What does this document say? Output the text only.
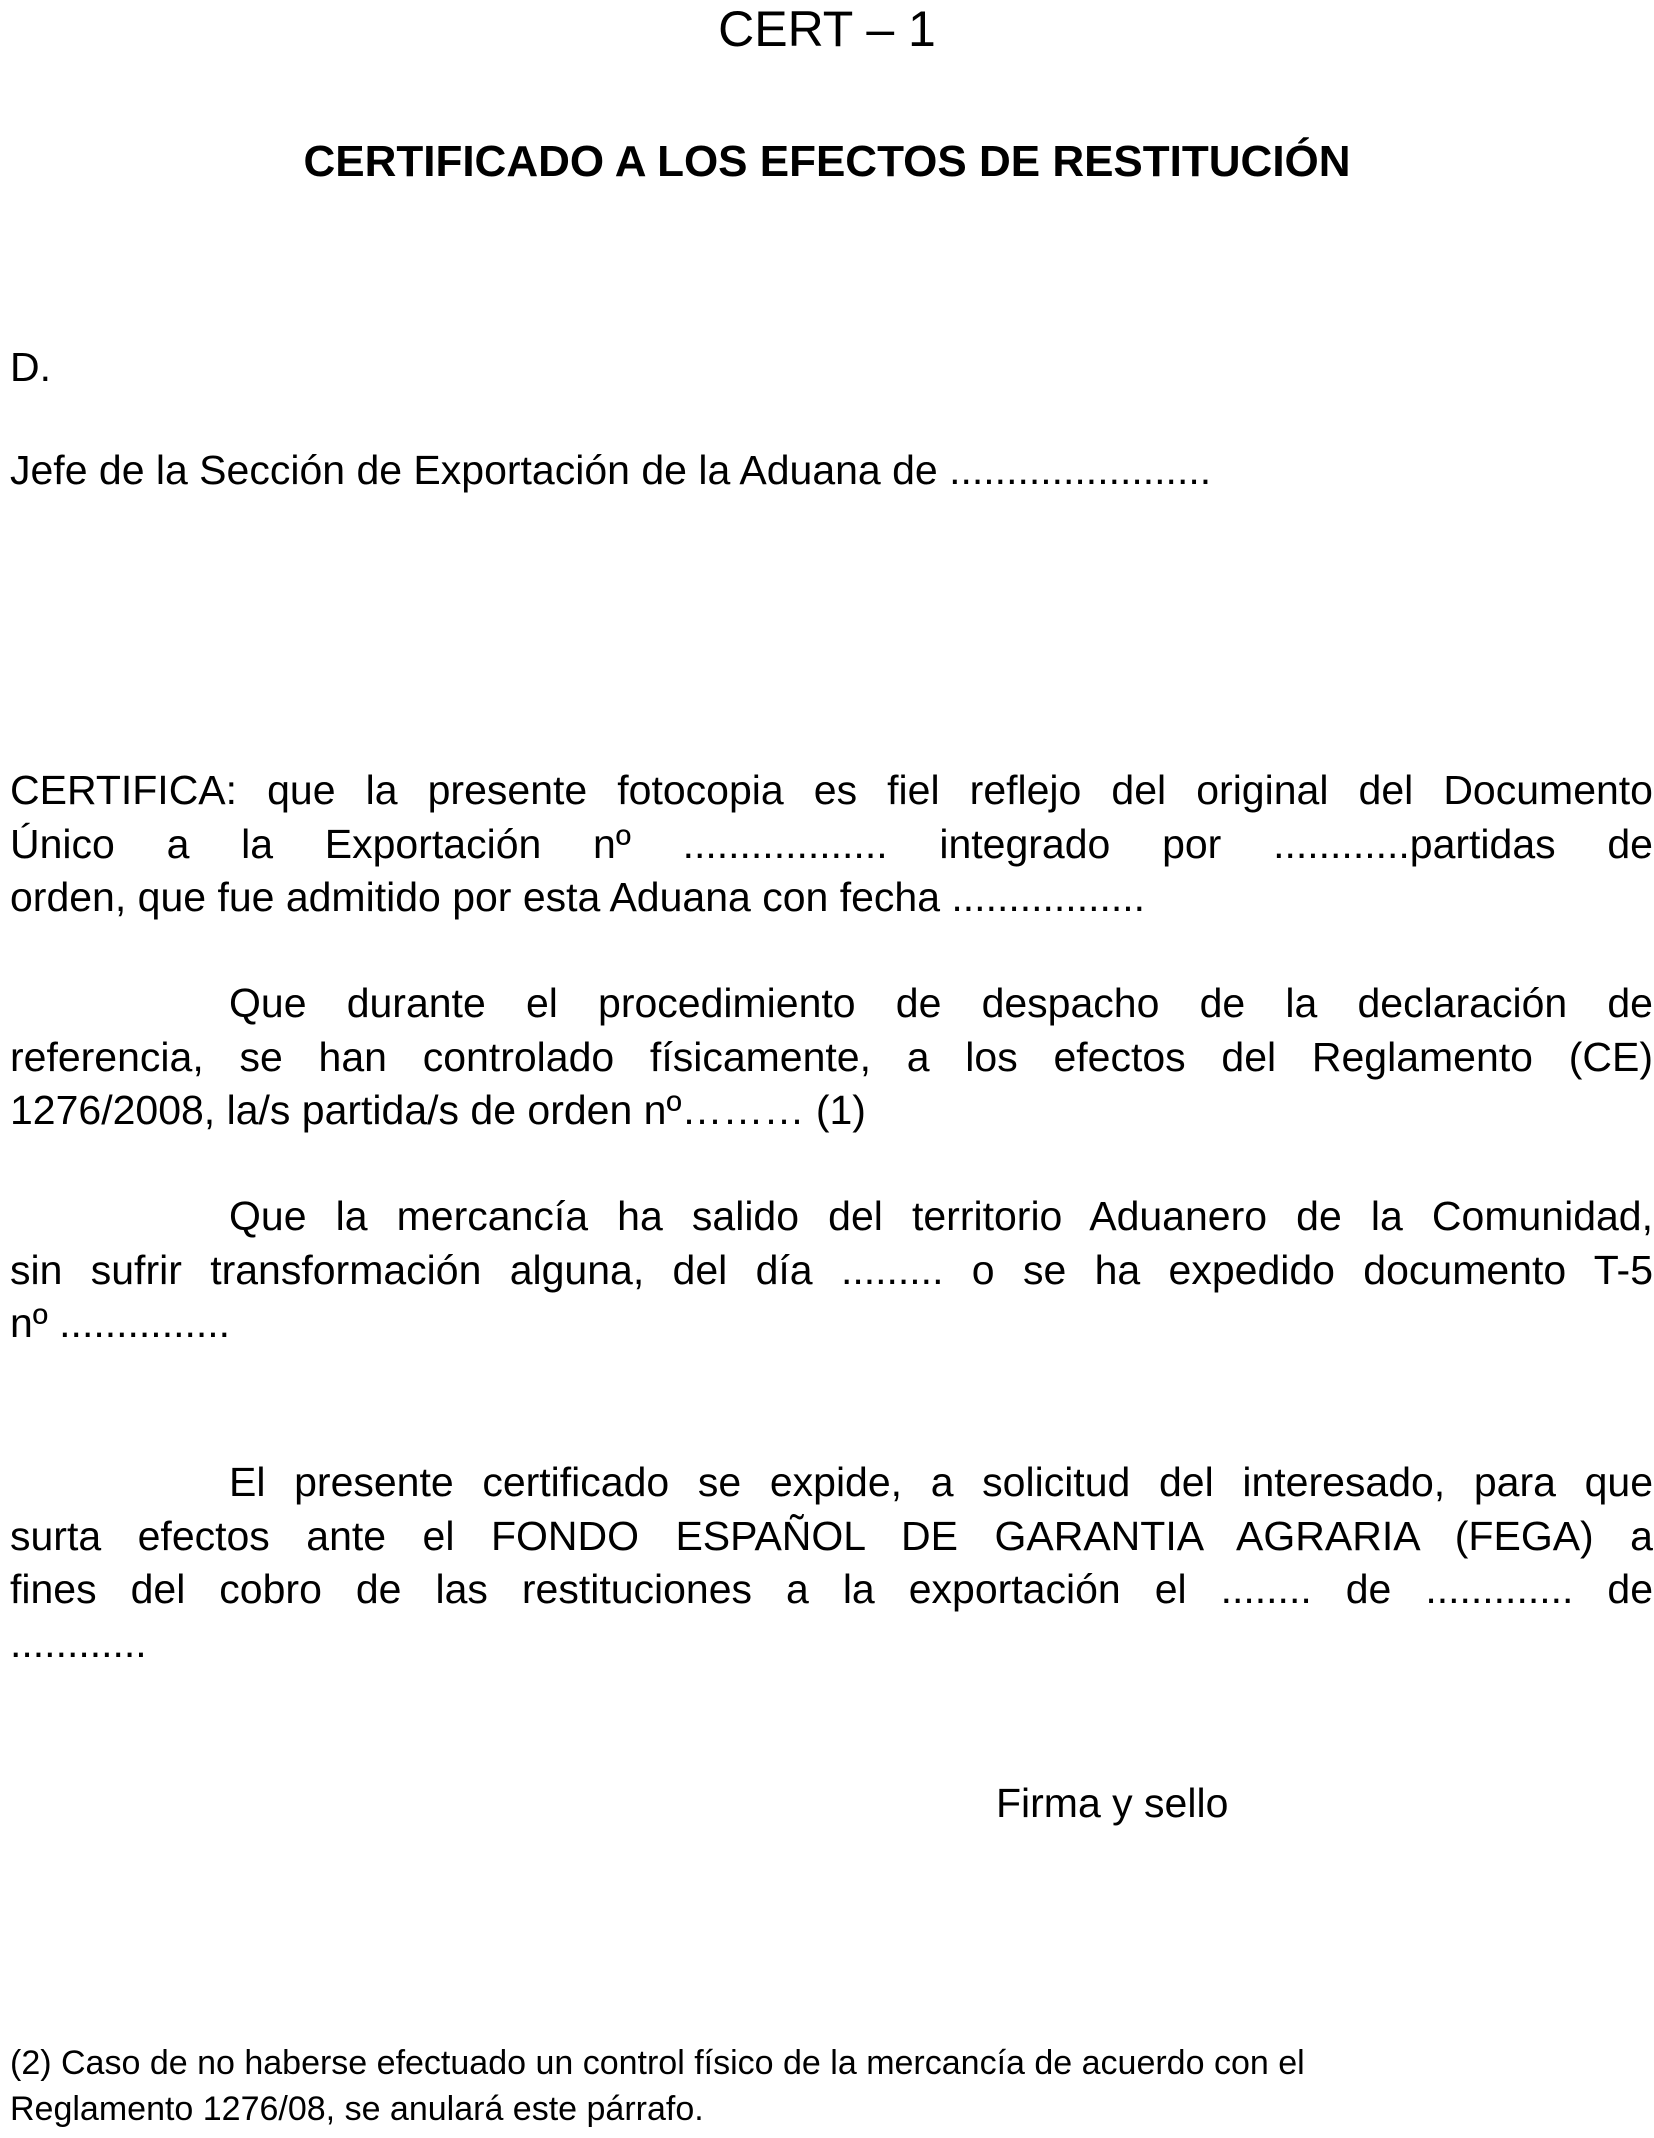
CERT – 1
CERTIFICADO A LOS EFECTOS DE RESTITUCIÓN
D.
Jefe de la Sección de Exportación de la Aduana de .......................
CERTIFICA: que la presente fotocopia es fiel reflejo del original del Documento
Único a la Exportación nº .................. integrado por ............partidas de
orden, que fue admitido por esta Aduana con fecha .................
Que durante el procedimiento de despacho de la declaración de
referencia, se han controlado físicamente, a los efectos del Reglamento (CE)
1276/2008, la/s partida/s de orden nº……… (1)
Que la mercancía ha salido del territorio Aduanero de la Comunidad,
sin sufrir transformación alguna, del día ......... o se ha expedido documento T-5
nº ...............
El presente certificado se expide, a solicitud del interesado, para que
surta efectos ante el FONDO ESPAÑOL DE GARANTIA AGRARIA (FEGA) a
fines del cobro de las restituciones a la exportación el ........ de ............. de
............
Firma y sello
(2) Caso de no haberse efectuado un control físico de la mercancía de acuerdo con el
Reglamento 1276/08, se anulará este párrafo.
